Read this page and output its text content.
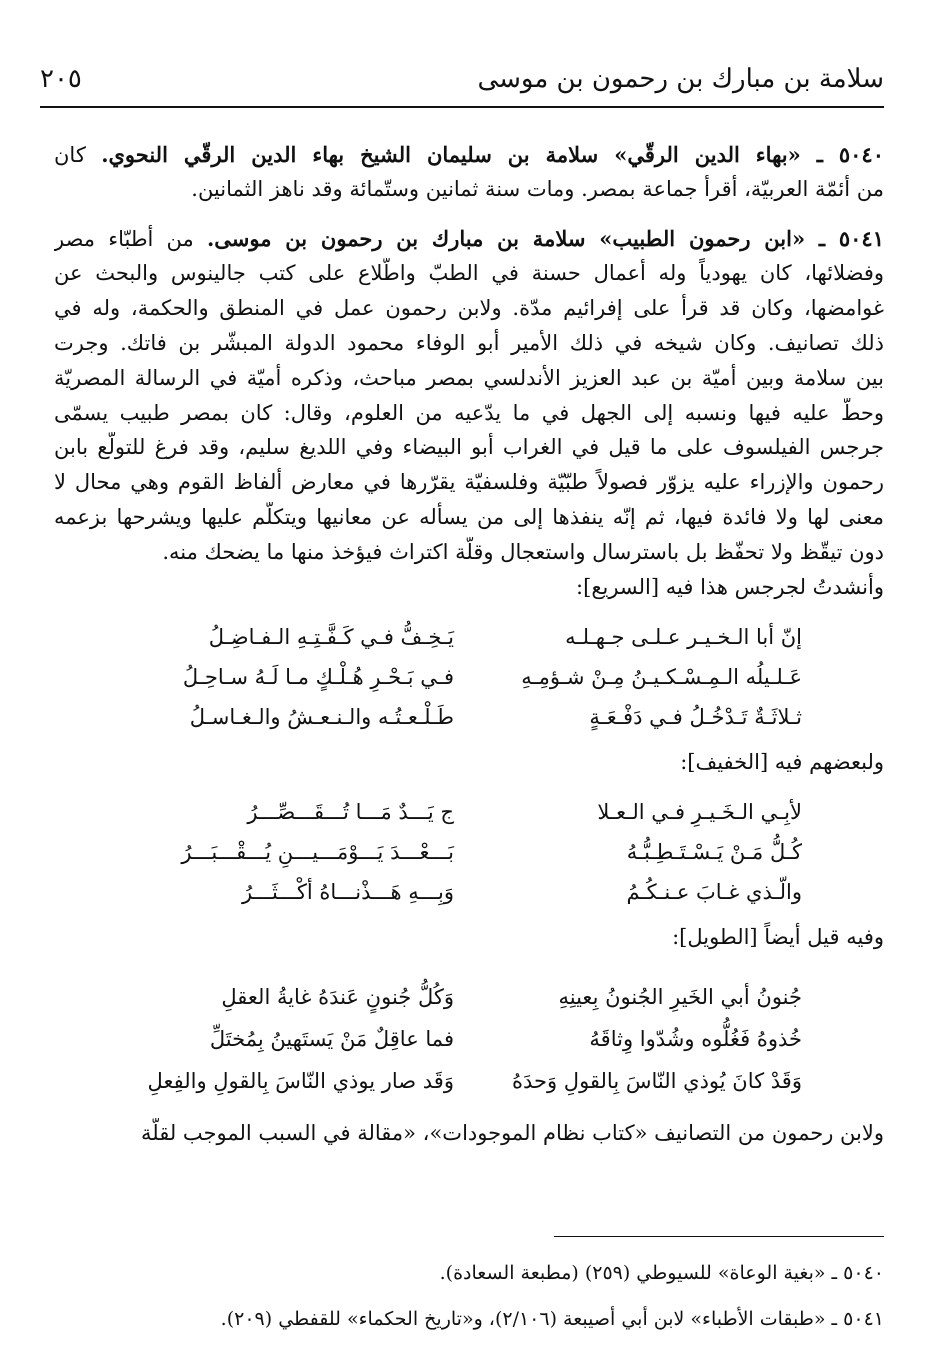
سلامة بن مبارك بن رحمون بن موسى
٢٠٥
٥٠٤٠ ـ «بهاء الدين الرقّي» سلامة بن سليمان الشيخ بهاء الدين الرقّي النحوي. كان
من أئمّة العربيّة، أقرأ جماعة بمصر. ومات سنة ثمانين وستّمائة وقد ناهز الثمانين.
٥٠٤١ ـ «ابن رحمون الطبيب» سلامة بن مبارك بن رحمون بن موسى. من أطبّاء مصر
وفضلائها، كان يهودياً وله أعمال حسنة في الطبّ واطّلاع على كتب جالينوس والبحث عن
غوامضها، وكان قد قرأ على إفرائيم مدّة. ولابن رحمون عمل في المنطق والحكمة، وله في
ذلك تصانيف. وكان شيخه في ذلك الأمير أبو الوفاء محمود الدولة المبشّر بن فاتك. وجرت
بين سلامة وبين أميّة بن عبد العزيز الأندلسي بمصر مباحث، وذكره أميّة في الرسالة المصريّة
وحطّ عليه فيها ونسبه إلى الجهل في ما يدّعيه من العلوم، وقال: كان بمصر طبيب يسمّى
جرجس الفيلسوف على ما قيل في الغراب أبو البيضاء وفي اللديغ سليم، وقد فرغ للتولّع بابن
رحمون والإزراء عليه يزوّر فصولاً طبّيّة وفلسفيّة يقرّرها في معارض ألفاظ القوم وهي محال لا
معنى لها ولا فائدة فيها، ثم إنّه ينفذها إلى من يسأله عن معانيها ويتكلّم عليها ويشرحها بزعمه
دون تيقّظ ولا تحفّظ بل باسترسال واستعجال وقلّة اكتراث فيؤخذ منها ما يضحك منه.
وأنشدتُ لجرجس هذا فيه [السريع]:
إنّ أبا الـخـيـر عـلـى جـهـلـه
يَـخِـفُّ فـي كَـفَّـتِـهِ الـفـاضِـلُ
عَـلـيلُه الـمِـسْـكـيـنُ مِـنْ شـؤمِـهِ
فـي بَـحْـرِ هُـلْـكٍ مـا لَـهُ سـاحِـلُ
ثـلاثَـةٌ تَـدْخُـلُ فـي دَفْـعَـةٍ
طَـلْـعـتُـه والـنـعـشُ والـغـاسـلُ
ولبعضهم فيه [الخفيف]:
لأبِـي الـخَـيـرِ فـي الـعـلا
ج يَـــدٌ مَـــا تُـــقَـــصِّـــرُ
كُـلُّ مَـنْ يَـسْـتَـطِـبُّـهُ
بَـــعْـــدَ يَـــوْمَـــيـــنِ يُـــقْـــبَـــرُ
والّـذي غـابَ عـنـكُـمُ
وَبِـــهِ هَـــذْنـــاهُ أكْـــثَـــرُ
وفيه قيل أيضاً [الطويل]:
جُنونُ أبي الخَيرِ الجُنونُ بِعينِهِ
وَكُلُّ جُنونٍ عَندَهُ غايةُ العقلِ
خُذوهُ فَغُلُّوه وشُدّوا وِثاقَهُ
فما عاقِلٌ مَنْ يَستَهينُ بِمُختَلِّ
وَقَدْ كانَ يُوذي النّاسَ بِالقولِ وَحدَهُ
وَقَد صار يوذي النّاسَ بِالقولِ والفِعلِ
ولابن رحمون من التصانيف «كتاب نظام الموجودات»، «مقالة في السبب الموجب لقلّة
٥٠٤٠ ـ «بغية الوعاة» للسيوطي (٢٥٩) (مطبعة السعادة).
٥٠٤١ ـ «طبقات الأطباء» لابن أبي أصيبعة (٢/١٠٦)، و«تاريخ الحكماء» للقفطي (٢٠٩).
